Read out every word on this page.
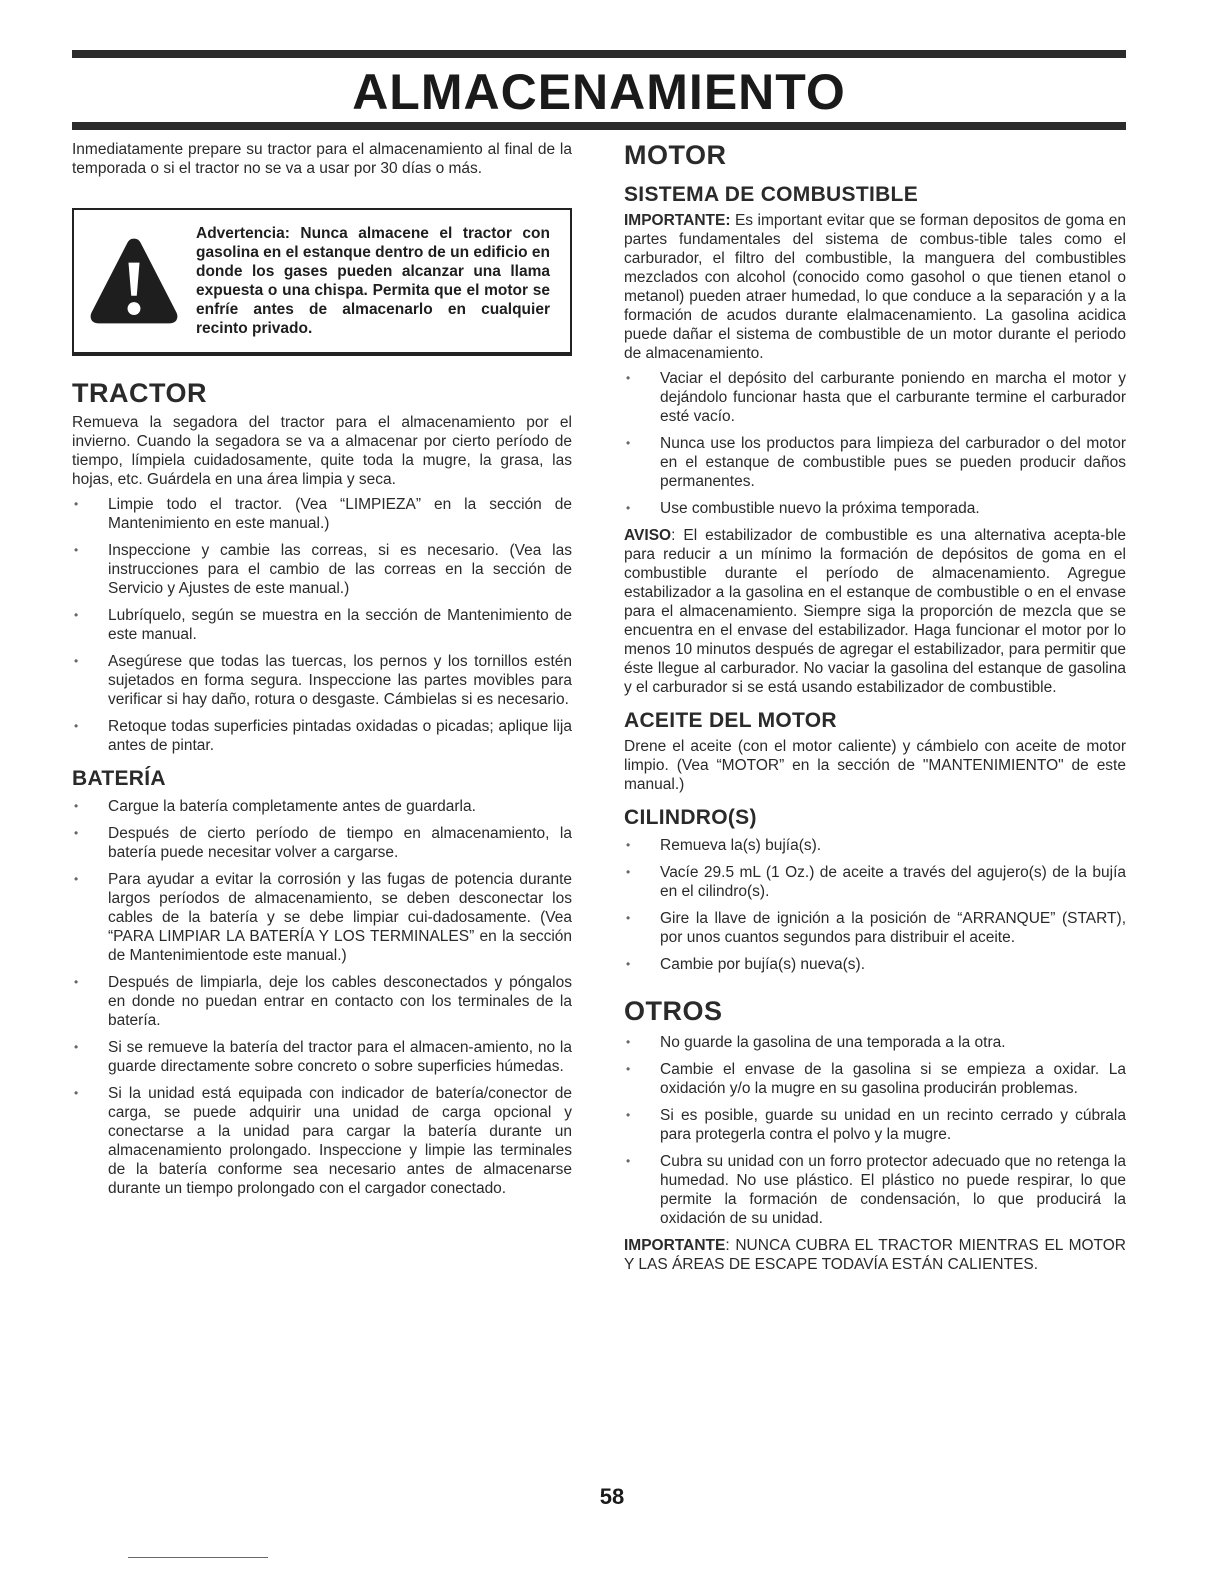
ALMACENAMIENTO

Inmediatamente prepare su tractor para el almacenamiento al final de la temporada o si el tractor no se va a usar por 30 días o más.

Advertencia: Nunca almacene el tractor con gasolina en el estanque dentro de un edificio en donde los gases pueden alcanzar una llama expuesta o una chispa. Permita que el motor se enfríe antes de almacenarlo en cualquier recinto privado.
TRACTOR

Remueva la segadora del tractor para el almacenamiento por el invierno. Cuando la segadora se va a almacenar por cierto período de tiempo, límpiela cuidadosamente, quite toda la mugre, la grasa, las hojas, etc. Guárdela en una área limpia y seca.

• Limpie todo el tractor. (Vea “LIMPIEZA” en la sección de Mantenimiento en este manual.)
• Inspeccione y cambie las correas, si es necesario. (Vea las instrucciones para el cambio de las correas en la sección de Servicio y Ajustes de este manual.)
• Lubríquelo, según se muestra en la sección de Mantenimiento de este manual.
• Asegúrese que todas las tuercas, los pernos y los tornillos estén sujetados en forma segura. Inspeccione las partes movibles para verificar si hay daño, rotura o desgaste. Cámbielas si es necesario.
• Retoque todas superficies pintadas oxidadas o picadas; aplique lija antes de pintar.
BATERÍA
• Cargue la batería completamente antes de guardarla.
• Después de cierto período de tiempo en almacenamiento, la batería puede necesitar volver a cargarse.
• Para ayudar a evitar la corrosión y las fugas de potencia durante largos períodos de almacenamiento, se deben desconectar los cables de la batería y se debe limpiar cui-dadosamente. (Vea “PARA LIMPIAR LA BATERÍA Y LOS TERMINALES” en la sección de Mantenimientode este manual.)
• Después de limpiarla, deje los cables desconectados y póngalos en donde no puedan entrar en contacto con los terminales de la batería.
• Si se remueve la batería del tractor para el almacen-amiento, no la guarde directamente sobre concreto o sobre superficies húmedas.
• Si la unidad está equipada con indicador de batería/conector de carga, se puede adquirir una unidad de carga opcional y conectarse a la unidad para cargar la batería durante un almacenamiento prolongado. Inspeccione y limpie las terminales de la batería conforme sea necesario antes de almacenarse durante un tiempo prolongado con el cargador conectado.
MOTOR
SISTEMA DE COMBUSTIBLE

IMPORTANTE: Es important evitar que se forman depositos de goma en partes fundamentales del sistema de combus-tible tales como el carburador, el filtro del combustible, la manguera del combustibles mezclados con alcohol (conocido como gasohol o que tienen etanol o metanol) pueden atraer humedad, lo que conduce a la separación y a la formación de acudos durante elalmacenamiento. La gasolina acidica puede dañar el sistema de combustible de un motor durante el periodo de almacenamiento.

• Vaciar el depósito del carburante poniendo en marcha el motor y dejándolo funcionar hasta que el carburante termine el carburador esté vacío.
• Nunca use los productos para limpieza del carburador o del motor en el estanque de combustible pues se pueden producir daños permanentes.
• Use combustible nuevo la próxima temporada.

AVISO: El estabilizador de combustible es una alternativa acepta-ble para reducir a un mínimo la formación de depósitos de goma en el combustible durante el período de almacenamiento. Agregue estabilizador a la gasolina en el estanque de combustible o en el envase para el almacenamiento. Siempre siga la proporción de mezcla que se encuentra en el envase del estabilizador. Haga funcionar el motor por lo menos 10 minutos después de agregar el estabilizador, para permitir que éste llegue al carburador. No vaciar la gasolina del estanque de gasolina y el carburador si se está usando estabilizador de combustible.

ACEITE DEL MOTOR

Drene el aceite (con el motor caliente) y cámbielo con aceite de motor limpio. (Vea “MOTOR” en la sección de "MANTENIMIENTO" de este manual.)

CILINDRO(S)
• Remueva la(s) bujía(s).
• Vacíe 29.5 mL (1 Oz.) de aceite a través del agujero(s) de la bujía en el cilindro(s).
• Gire la llave de ignición a la posición de “ARRANQUE” (START), por unos cuantos segundos para distribuir el aceite.
• Cambie por bujía(s) nueva(s).
OTROS
• No guarde la gasolina de una temporada a la otra.
• Cambie el envase de la gasolina si se empieza a oxidar. La oxidación y/o la mugre en su gasolina producirán problemas.
• Si es posible, guarde su unidad en un recinto cerrado y cúbrala para protegerla contra el polvo y la mugre.
• Cubra su unidad con un forro protector adecuado que no retenga la humedad. No use plástico. El plástico no puede respirar, lo que permite la formación de condensación, lo que producirá la oxidación de su unidad.

IMPORTANTE: NUNCA CUBRA EL TRACTOR MIENTRAS EL MOTOR Y LAS ÁREAS DE ESCAPE TODAVÍA ESTÁN CALIENTES.

58
